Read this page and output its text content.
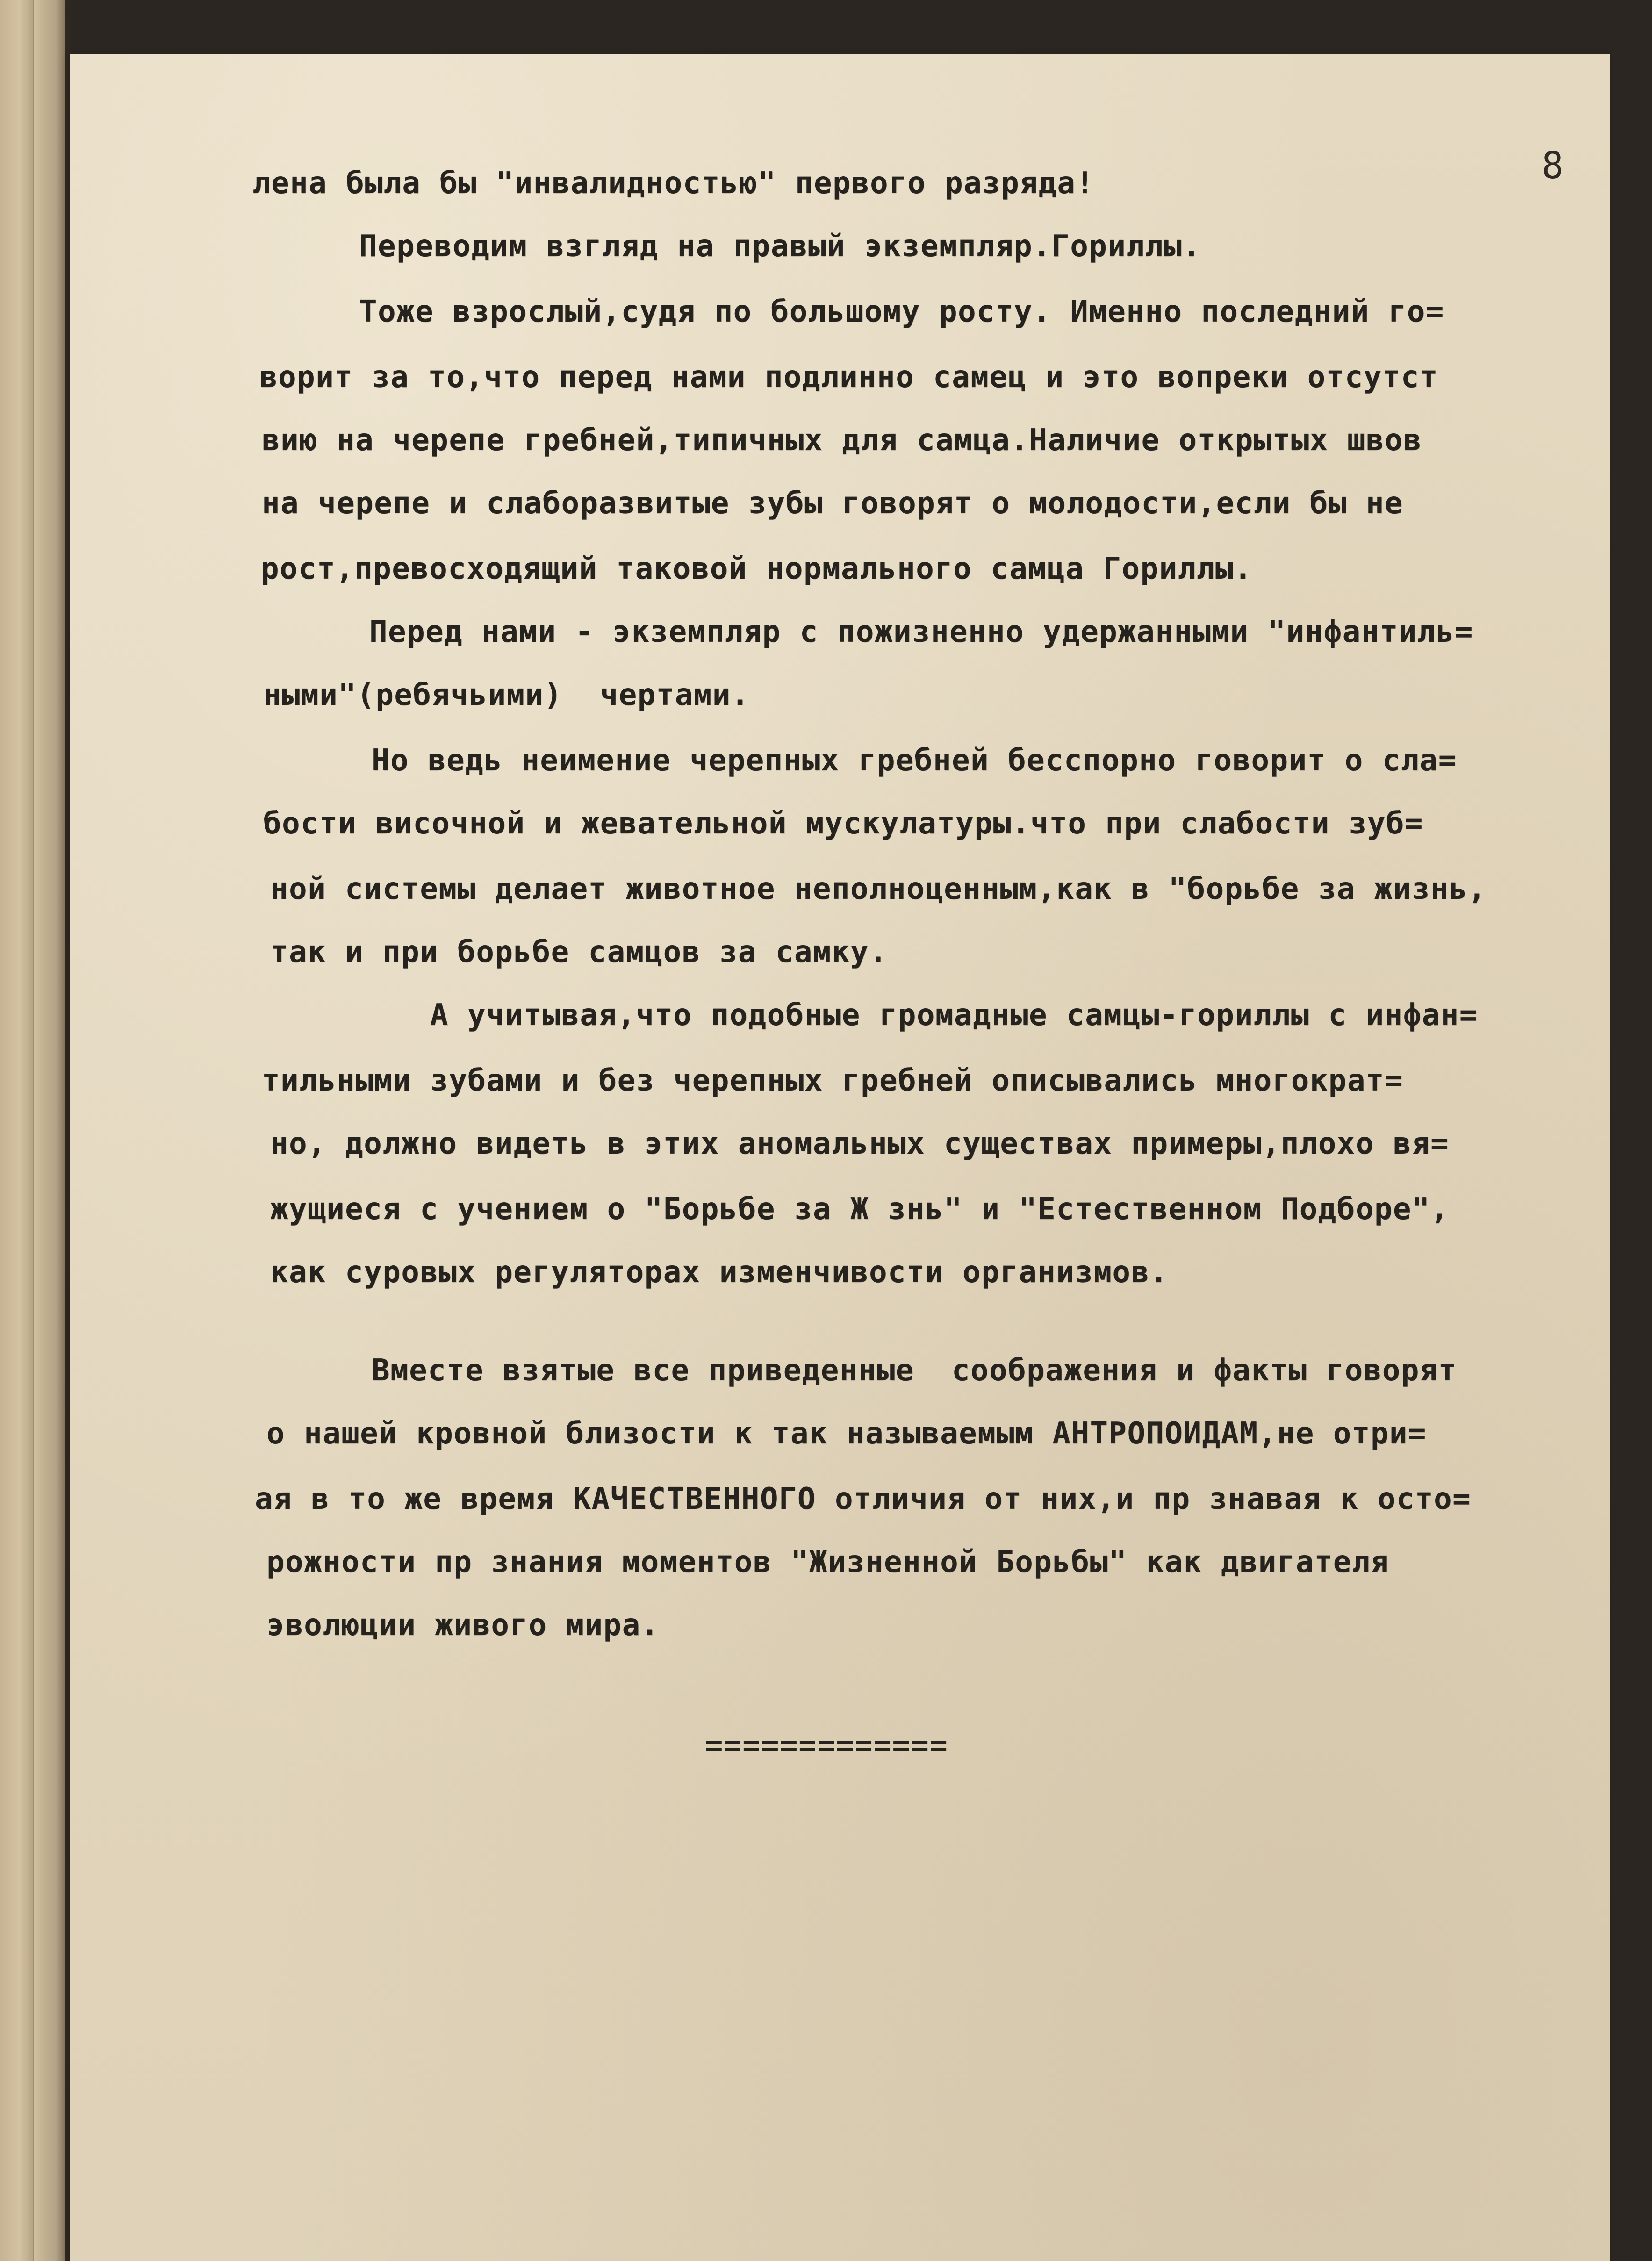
8
лена была бы "инвалидностью" первого разряда!
Переводим взгляд на правый экземпляр.Гориллы.
Тоже взрослый,судя по большому росту. Именно последний го=
ворит за то,что перед нами подлинно самец и это вопреки отсутст
вию на черепе гребней,типичных для самца.Наличие открытых швов
на черепе и слаборазвитые зубы говорят о молодости,если бы не
рост,превосходящий таковой нормального самца Гориллы.
Перед нами - экземпляр с пожизненно удержанными "инфантиль=
ными"(ребячьими)  чертами.
Но ведь неимение черепных гребней бесспорно говорит о сла=
бости височной и жевательной мускулатуры.что при слабости зуб=
ной системы делает животное неполноценным,как в "борьбе за жизнь,
так и при борьбе самцов за самку.
А учитывая,что подобные громадные самцы-гориллы с инфан=
тильными зубами и без черепных гребней описывались многократ=
но, должно видеть в этих аномальных существах примеры,плохо вя=
жущиеся с учением о "Борьбе за Ж знь" и "Естественном Подборе",
как суровых регуляторах изменчивости организмов.
Вместе взятые все приведенные  соображения и факты говорят
о нашей кровной близости к так называемым АНТРОПОИДАМ,не отри=
ая в то же время КАЧЕСТВЕННОГО отличия от них,и пр знавая к осто=
рожности пр знания моментов "Жизненной Борьбы" как двигателя
эволюции живого мира.
=============
